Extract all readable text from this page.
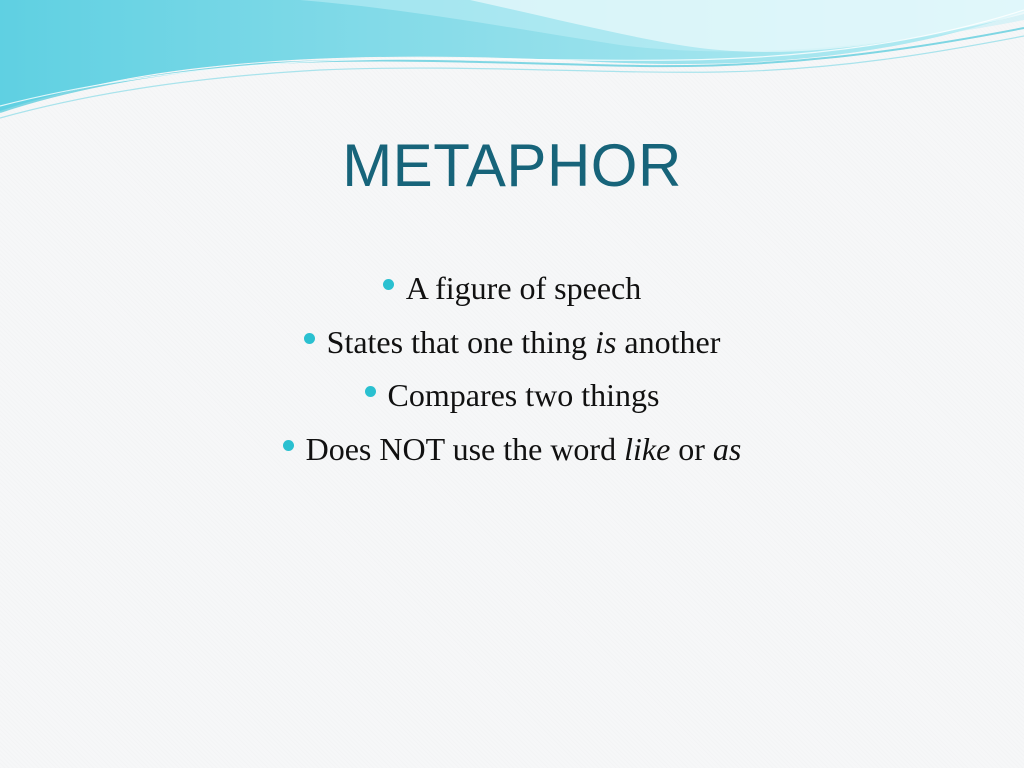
METAPHOR
A figure of speech
States that one thing is another
Compares two things
Does NOT use the word like or as
